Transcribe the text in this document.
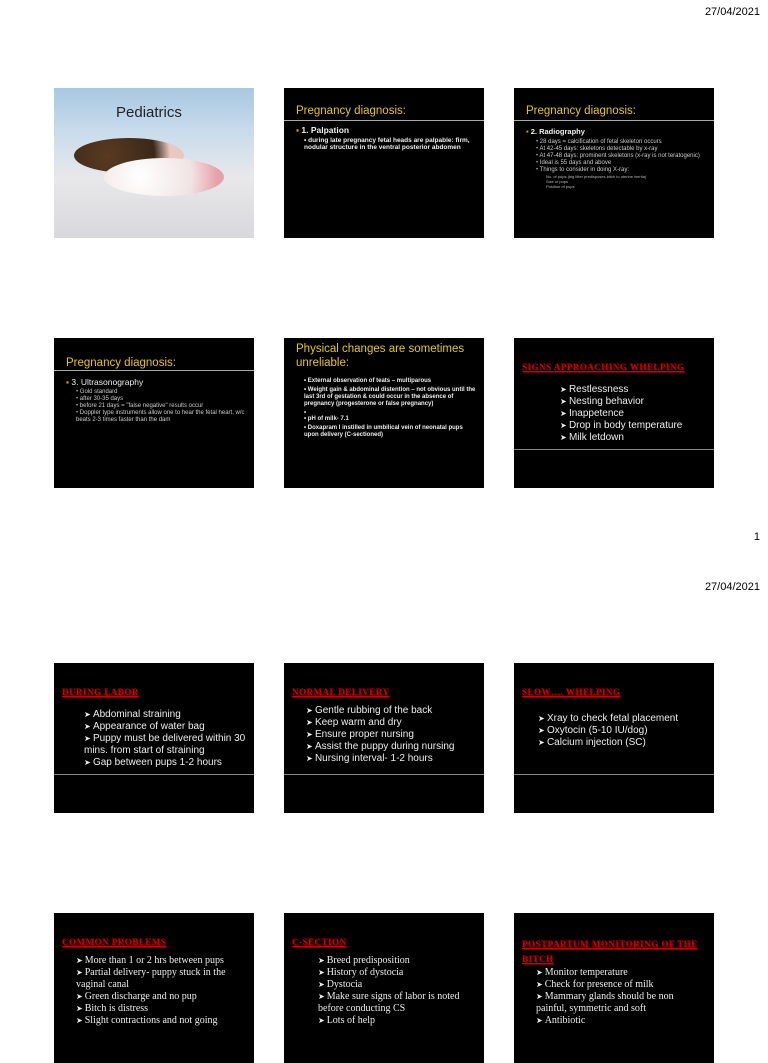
27/04/2021
Pediatrics	Pregnancy diagnosis:
▪ 1. Palpation
• during late pregnancy fetal heads are palpable: firm, nodular structure in the ventral posterior abdomen
Pregnancy diagnosis:
▪ 2. Radiography
• 28 days = calcification of fetal skeleton occurs
• At 42-45 days: skeletons detectable by x-ray
• At 47-48 days: prominent skeletons (x-ray is not teratogenic)
• Ideal is 55 days and above
• Things to consider in doing X-ray:
No. of pups (big litter predisposes bitch to uterine inertia)
Size of pups
Position of pups
Pregnancy diagnosis:
▪ 3. Ultrasonography
• Gold standard
• after 30-35 days
• before 21 days = "false negative" results occur
• Doppler type instruments allow one to hear the fetal heart, w/c beats 2-3 times faster than the dam
Physical changes are sometimes unreliable:
• External observation of teats – multiparous
• Weight gain & abdominal distention – not obvious until the last 3rd of gestation & could occur in the absence of pregnancy (progesterone or false pregnancy)
•
• pH of milk- 7.1
• Doxapram l instilled in umbilical vein of neonatal pups upon delivery (C-sectioned)
SIGNS APPROACHING WHELPING
➤ Restlessness
➤ Nesting behavior
➤ Inappetence
➤ Drop in body temperature
➤ Milk letdown
1
27/04/2021
DURING LABOR
➤ Abdominal straining
➤ Appearance of water bag
➤ Puppy must be delivered within 30 mins. from start of straining
➤ Gap between pups 1-2 hours
NORMAL DELIVERY
➤ Gentle rubbing of the back
➤ Keep warm and dry
➤ Ensure proper nursing
➤ Assist the puppy during nursing
➤ Nursing interval- 1-2 hours
SLOW…. WHELPING
➤ Xray to check fetal placement
➤ Oxytocin (5-10 IU/dog)
➤ Calcium injection (SC)
COMMON PROBLEMS
➤ More than 1 or 2 hrs between pups
➤ Partial delivery- puppy stuck in the vaginal canal
➤ Green discharge and no pup
➤ Bitch is distress
➤ Slight contractions and not going
C-SECTION
➤ Breed predisposition
➤ History of dystocia
➤ Dystocia
➤ Make sure signs of labor is noted before conducting CS
➤ Lots of help
POSTPARTUM MONITORING OF THE BITCH
➤ Monitor temperature
➤ Check for presence of milk
➤ Mammary glands should be non painful, symmetric and soft
➤ Antibiotic
